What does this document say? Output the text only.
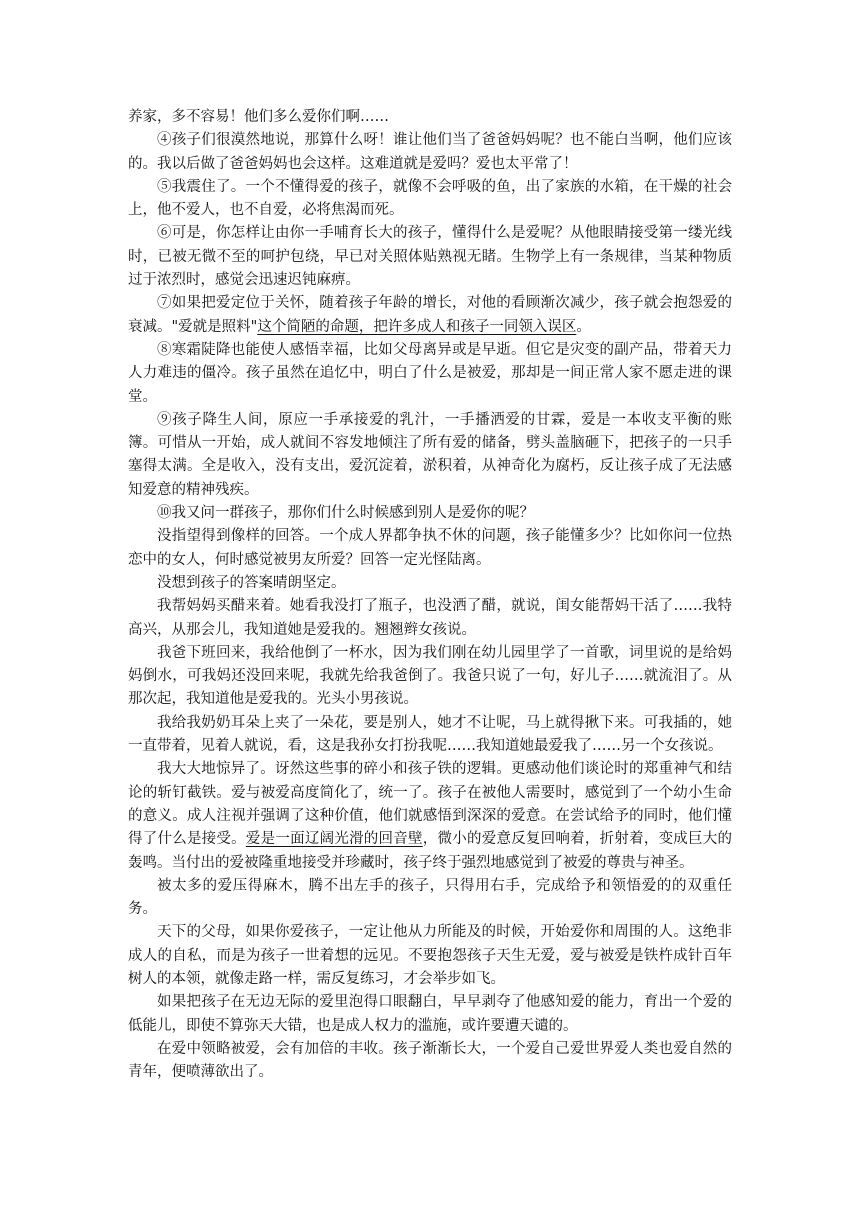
养家，多不容易！他们多么爱你们啊……

④孩子们很漠然地说，那算什么呀！谁让他们当了爸爸妈妈呢？也不能白当啊，他们应该的。我以后做了爸爸妈妈也会这样。这难道就是爱吗？爱也太平常了！

⑤我震住了。一个不懂得爱的孩子，就像不会呼吸的鱼，出了家族的水箱，在干燥的社会上，他不爱人，也不自爱，必将焦渴而死。

⑥可是，你怎样让由你一手哺育长大的孩子，懂得什么是爱呢？从他眼睛接受第一缕光线时，已被无微不至的呵护包绕，早已对关照体贴熟视无睹。生物学上有一条规律，当某种物质过于浓烈时，感觉会迅速迟钝麻痹。

⑦如果把爱定位于关怀，随着孩子年龄的增长，对他的看顾渐次减少，孩子就会抱怨爱的衰减。"爱就是照料"这个简陋的命题，把许多成人和孩子一同领入误区。

⑧寒霜陡降也能使人感悟幸福，比如父母离异或是早逝。但它是灾变的副产品，带着天力人力难违的僵冷。孩子虽然在追忆中，明白了什么是被爱，那却是一间正常人家不愿走进的课堂。

⑨孩子降生人间，原应一手承接爱的乳汁，一手播洒爱的甘霖，爱是一本收支平衡的账簿。可惜从一开始，成人就间不容发地倾注了所有爱的储备，劈头盖脑砸下，把孩子的一只手塞得太满。全是收入，没有支出，爱沉淀着，淤积着，从神奇化为腐朽，反让孩子成了无法感知爱意的精神残疾。

⑩我又问一群孩子，那你们什么时候感到别人是爱你的呢？

没指望得到像样的回答。一个成人界都争执不休的问题，孩子能懂多少？比如你问一位热恋中的女人，何时感觉被男友所爱？回答一定光怪陆离。

没想到孩子的答案晴朗坚定。

我帮妈妈买醋来着。她看我没打了瓶子，也没洒了醋，就说，闺女能帮妈干活了……我特高兴，从那会儿，我知道她是爱我的。翘翘辫女孩说。

我爸下班回来，我给他倒了一杯水，因为我们刚在幼儿园里学了一首歌，词里说的是给妈妈倒水，可我妈还没回来呢，我就先给我爸倒了。我爸只说了一句，好儿子……就流泪了。从那次起，我知道他是爱我的。光头小男孩说。

我给我奶奶耳朵上夹了一朵花，要是别人，她才不让呢，马上就得揪下来。可我插的，她一直带着，见着人就说，看，这是我孙女打扮我呢……我知道她最爱我了……另一个女孩说。

我大大地惊异了。讶然这些事的碎小和孩子铁的逻辑。更感动他们谈论时的郑重神气和结论的斩钉截铁。爱与被爱高度简化了，统一了。孩子在被他人需要时，感觉到了一个幼小生命的意义。成人注视并强调了这种价值，他们就感悟到深深的爱意。在尝试给予的同时，他们懂得了什么是接受。爱是一面辽阔光滑的回音壁，微小的爱意反复回响着，折射着，变成巨大的轰鸣。当付出的爱被隆重地接受并珍藏时，孩子终于强烈地感觉到了被爱的尊贵与神圣。

被太多的爱压得麻木，腾不出左手的孩子，只得用右手，完成给予和领悟爱的的双重任务。

天下的父母，如果你爱孩子，一定让他从力所能及的时候，开始爱你和周围的人。这绝非成人的自私，而是为孩子一世着想的远见。不要抱怨孩子天生无爱，爱与被爱是铁杵成针百年树人的本领，就像走路一样，需反复练习，才会举步如飞。

如果把孩子在无边无际的爱里泡得口眼翻白，早早剥夺了他感知爱的能力，育出一个爱的低能儿，即使不算弥天大错，也是成人权力的滥施，或许要遭天谴的。

在爱中领略被爱，会有加倍的丰收。孩子渐渐长大，一个爱自己爱世界爱人类也爱自然的青年，便喷薄欲出了。
